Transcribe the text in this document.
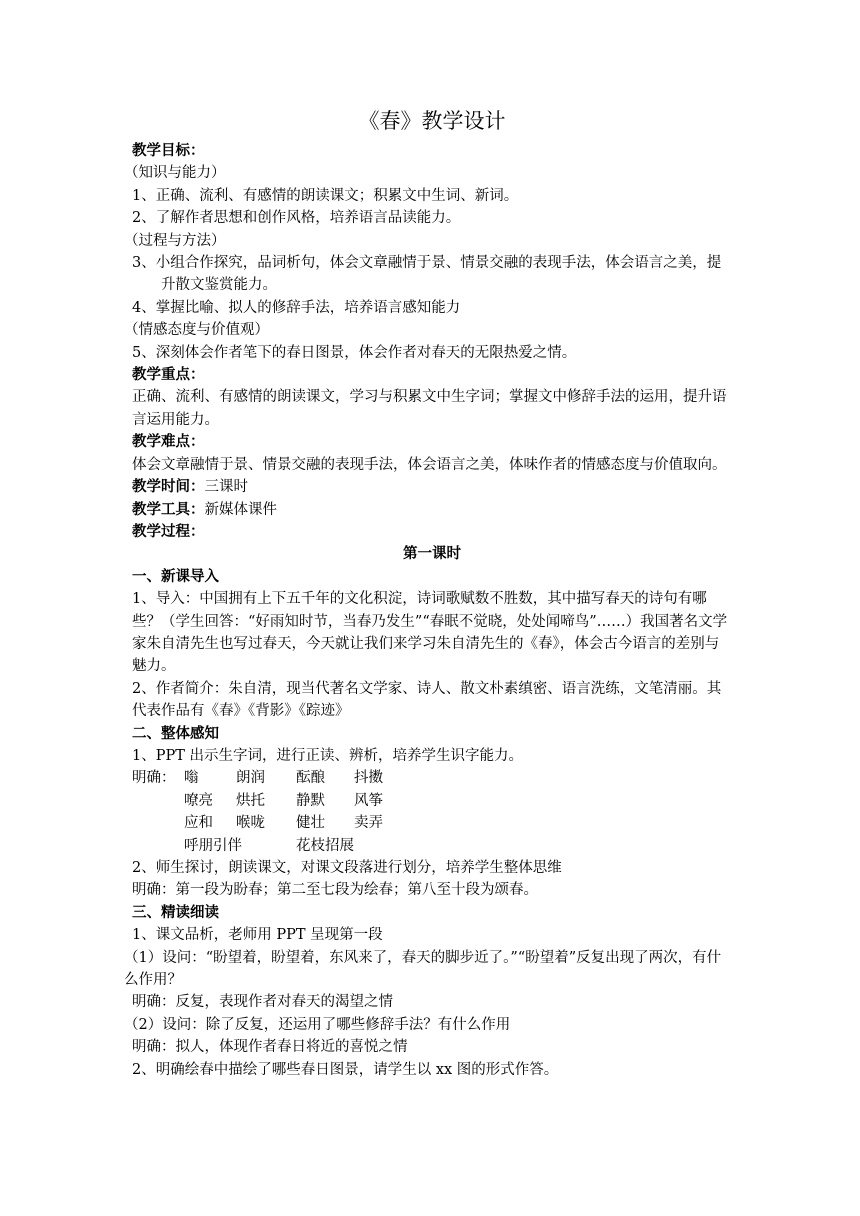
《春》教学设计
教学目标：
（知识与能力）
1、正确、流利、有感情的朗读课文；积累文中生词、新词。
2、了解作者思想和创作风格，培养语言品读能力。
（过程与方法）
3、小组合作探究，品词析句，体会文章融情于景、情景交融的表现手法，体会语言之美，提升散文鉴赏能力。
4、掌握比喻、拟人的修辞手法，培养语言感知能力
（情感态度与价值观）
5、深刻体会作者笔下的春日图景，体会作者对春天的无限热爱之情。
教学重点：
正确、流利、有感情的朗读课文，学习与积累文中生字词；掌握文中修辞手法的运用，提升语言运用能力。
教学难点：
体会文章融情于景、情景交融的表现手法，体会语言之美，体味作者的情感态度与价值取向。
教学时间：三课时
教学工具：新媒体课件
教学过程：
第一课时
一、新课导入
1、导入：中国拥有上下五千年的文化积淀，诗词歌赋数不胜数，其中描写春天的诗句有哪些？（学生回答：“好雨知时节，当春乃发生”“春眠不觉晓，处处闻啼鸟”……）我国著名文学家朱自清先生也写过春天，今天就让我们来学习朱自清先生的《春》，体会古今语言的差别与魅力。
2、作者简介：朱自清，现当代著名文学家、诗人、散文朴素缜密、语言洗练，文笔清丽。其代表作品有《春》《背影》《踪迹》
二、整体感知
1、PPT 出示生字词，进行正读、辨析，培养学生识字能力。
明确： 嗡	朗润	酝酿	抖擞
嘹亮	烘托	静默	风筝
应和	喉咙	健壮	卖弄
呼朋引伴	花枝招展
2、师生探讨，朗读课文，对课文段落进行划分，培养学生整体思维
明确：第一段为盼春；第二至七段为绘春；第八至十段为颂春。
三、精读细读
1、课文品析，老师用 PPT 呈现第一段
（1）设问：“盼望着，盼望着，东风来了，春天的脚步近了。”“盼望着”反复出现了两次，有什么作用？
明确：反复，表现作者对春天的渴望之情
（2）设问：除了反复，还运用了哪些修辞手法？有什么作用
明确：拟人，体现作者春日将近的喜悦之情
2、明确绘春中描绘了哪些春日图景，请学生以 xx 图的形式作答。
